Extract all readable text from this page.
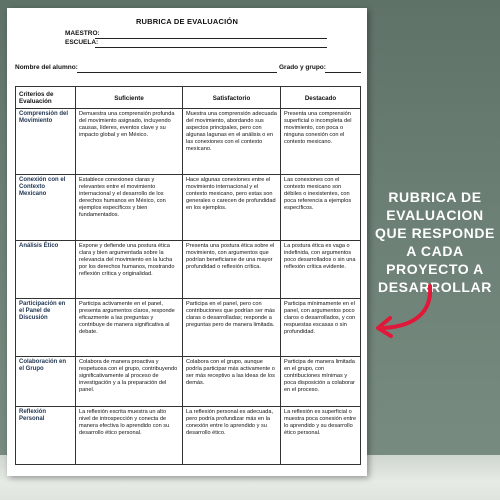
RUBRICA DE EVALUACIÓN
MAESTRO:
ESCUELA:
Nombre del alumno:	Grado y grupo:
Criterios de Evaluación	Suficiente	Satisfactorio	Destacado
Comprensión del Movimiento	Demuestra una comprensión profunda del movimiento asignado, incluyendo causas, líderes, eventos clave y su impacto global y en México.	Muestra una comprensión adecuada del movimiento, abordando sus aspectos principales, pero con algunas lagunas en el análisis o en las conexiones con el contexto mexicano.	Presenta una comprensión superficial o incompleta del movimiento, con poca o ninguna conexión con el contexto mexicano.
Conexión con el Contexto Mexicano	Establece conexiones claras y relevantes entre el movimiento internacional y el desarrollo de los derechos humanos en México, con ejemplos específicos y bien fundamentados.	Hace algunas conexiones entre el movimiento internacional y el contexto mexicano, pero estas son generales o carecen de profundidad en los ejemplos.	Las conexiones con el contexto mexicano son débiles o inexistentes, con poca referencia a ejemplos específicos.
Análisis Ético	Expone y defiende una postura ética clara y bien argumentada sobre la relevancia del movimiento en la lucha por los derechos humanos, mostrando reflexión crítica y originalidad.	Presenta una postura ética sobre el movimiento, con argumentos que podrían beneficiarse de una mayor profundidad o reflexión crítica.	La postura ética es vaga o indefinida, con argumentos poco desarrollados o sin una reflexión crítica evidente.
Participación en el Panel de Discusión	Participa activamente en el panel, presenta argumentos claros, responde eficazmente a las preguntas y contribuye de manera significativa al debate.	Participa en el panel, pero con contribuciones que podrían ser más claras o desarrolladas; responde a preguntas pero de manera limitada.	Participa mínimamente en el panel, con argumentos poco claros o desarrollados, y con respuestas escasas o sin profundidad.
Colaboración en el Grupo	Colabora de manera proactiva y respetuosa con el grupo, contribuyendo significativamente al proceso de investigación y a la preparación del panel.	Colabora con el grupo, aunque podría participar más activamente o ser más receptivo a las ideas de los demás.	Participa de manera limitada en el grupo, con contribuciones mínimas y poca disposición a colaborar en el proceso.
Reflexión Personal	La reflexión escrita muestra un alto nivel de introspección y conecta de manera efectiva lo aprendido con su desarrollo ético personal.	La reflexión personal es adecuada, pero podría profundizar más en la conexión entre lo aprendido y su desarrollo ético.	La reflexión es superficial o muestra poca conexión entre lo aprendido y su desarrollo ético personal.
RUBRICA DE EVALUACION QUE RESPONDE A CADA PROYECTO A DESARROLLAR
